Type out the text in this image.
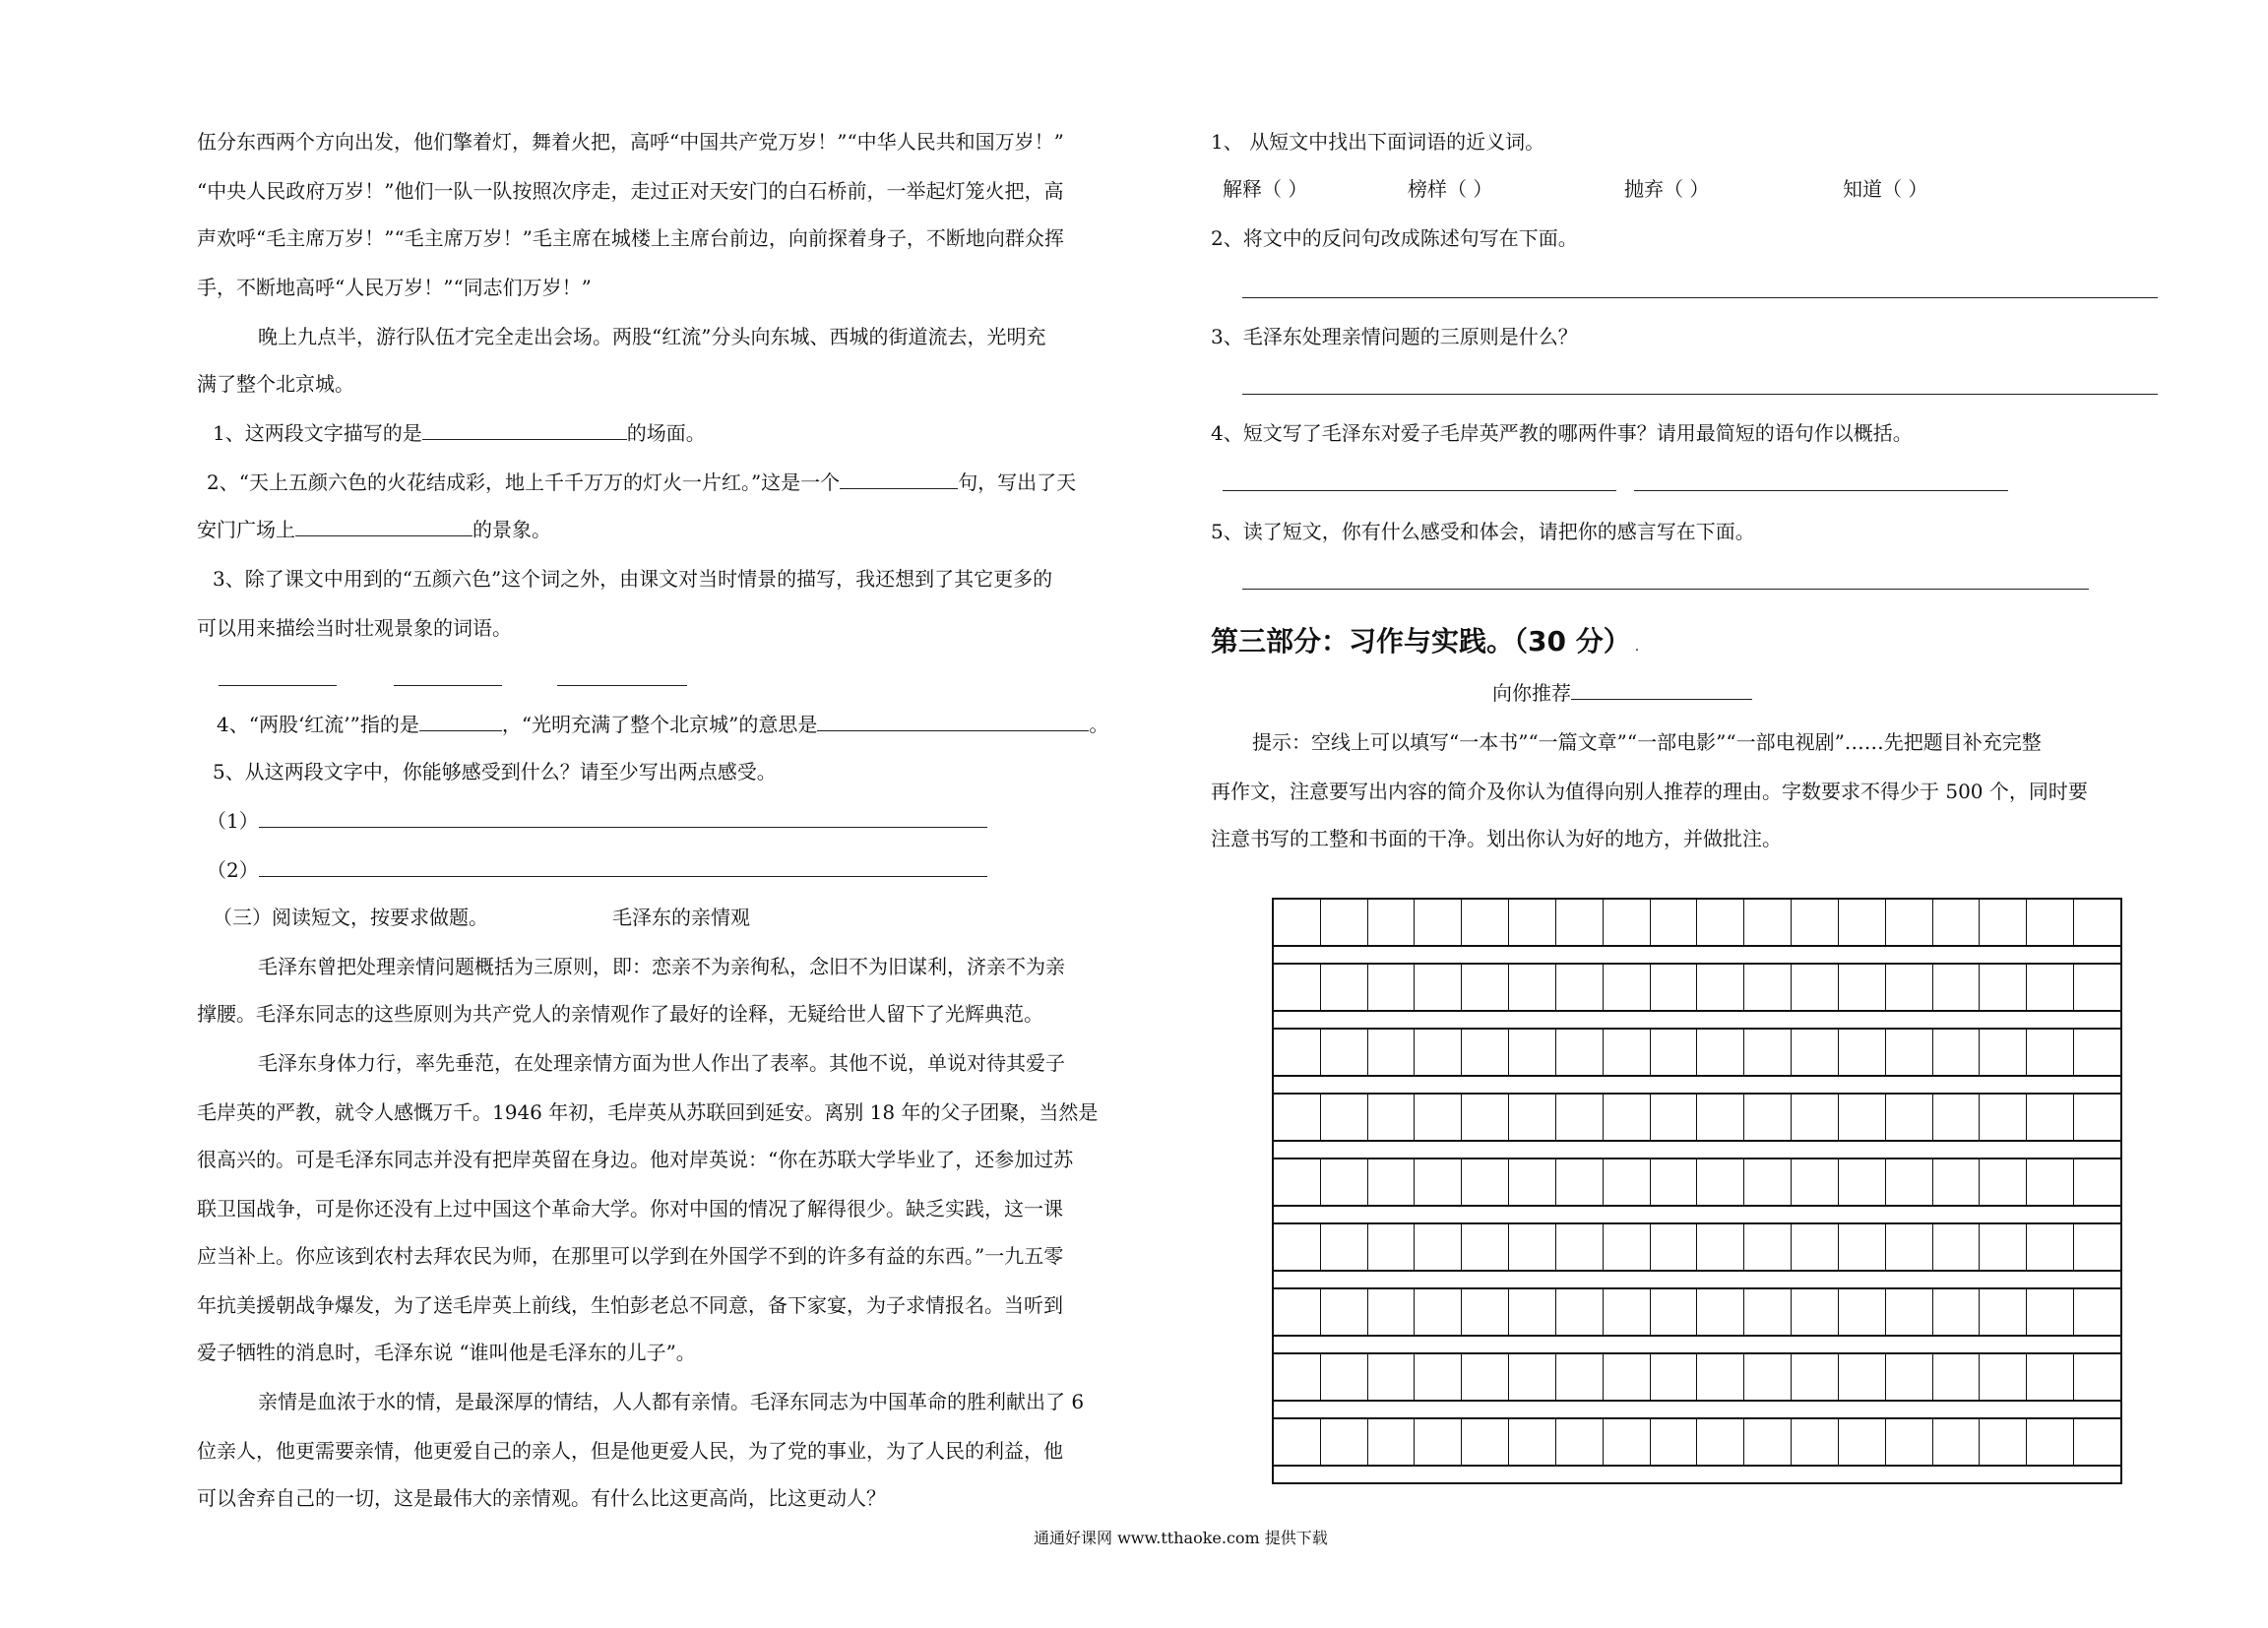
伍分东西两个方向出发，他们擎着灯，舞着火把，高呼“中国共产党万岁！”“中华人民共和国万岁！”
“中央人民政府万岁！”他们一队一队按照次序走，走过正对天安门的白石桥前，一举起灯笼火把，高
声欢呼“毛主席万岁！”“毛主席万岁！”毛主席在城楼上主席台前边，向前探着身子，不断地向群众挥
手，不断地高呼“人民万岁！”“同志们万岁！”
晚上九点半，游行队伍才完全走出会场。两股“红流”分头向东城、西城的街道流去，光明充
满了整个北京城。
1、这两段文字描写的是	的场面。
2、“天上五颜六色的火花结成彩，地上千千万万的灯火一片红。”这是一个	句，写出了天
安门广场上	的景象。
3、除了课文中用到的“五颜六色”这个词之外，由课文对当时情景的描写，我还想到了其它更多的
可以用来描绘当时壮观景象的词语。
4、“两股‘红流’”指的是	，“光明充满了整个北京城”的意思是	。
5、从这两段文字中，你能够感受到什么？请至少写出两点感受。
（1）
（2）
（三）阅读短文，按要求做题。	毛泽东的亲情观
毛泽东曾把处理亲情问题概括为三原则，即：恋亲不为亲徇私，念旧不为旧谋利，济亲不为亲
撑腰。毛泽东同志的这些原则为共产党人的亲情观作了最好的诠释，无疑给世人留下了光辉典范。
毛泽东身体力行，率先垂范，在处理亲情方面为世人作出了表率。其他不说，单说对待其爱子
毛岸英的严教，就令人感慨万千。1946 年初，毛岸英从苏联回到延安。离别 18 年的父子团聚，当然是
很高兴的。可是毛泽东同志并没有把岸英留在身边。他对岸英说：“你在苏联大学毕业了，还参加过苏
联卫国战争，可是你还没有上过中国这个革命大学。你对中国的情况了解得很少。缺乏实践，这一课
应当补上。你应该到农村去拜农民为师，在那里可以学到在外国学不到的许多有益的东西。”一九五零
年抗美援朝战争爆发，为了送毛岸英上前线，生怕彭老总不同意，备下家宴，为子求情报名。当听到
爱子牺牲的消息时，毛泽东说 “谁叫他是毛泽东的儿子”。
亲情是血浓于水的情，是最深厚的情结，人人都有亲情。毛泽东同志为中国革命的胜利献出了 6
位亲人，他更需要亲情，他更爱自己的亲人，但是他更爱人民，为了党的事业，为了人民的利益，他
可以舍弃自己的一切，这是最伟大的亲情观。有什么比这更高尚，比这更动人？
1、 从短文中找出下面词语的近义词。
解释（ ）	榜样（ ）	抛弃（ ）	知道（ ）
2、将文中的反问句改成陈述句写在下面。
3、毛泽东处理亲情问题的三原则是什么？
4、短文写了毛泽东对爱子毛岸英严教的哪两件事？请用最简短的语句作以概括。
5、读了短文，你有什么感受和体会，请把你的感言写在下面。
第三部分：习作与实践。（30 分） .
向你推荐
提示：空线上可以填写“一本书”“一篇文章”“一部电影”“一部电视剧”……先把题目补充完整
再作文，注意要写出内容的简介及你认为值得向别人推荐的理由。字数要求不得少于 500 个，同时要
注意书写的工整和书面的干净。划出你认为好的地方，并做批注。
通通好课网 www.tthaoke.com 提供下载
